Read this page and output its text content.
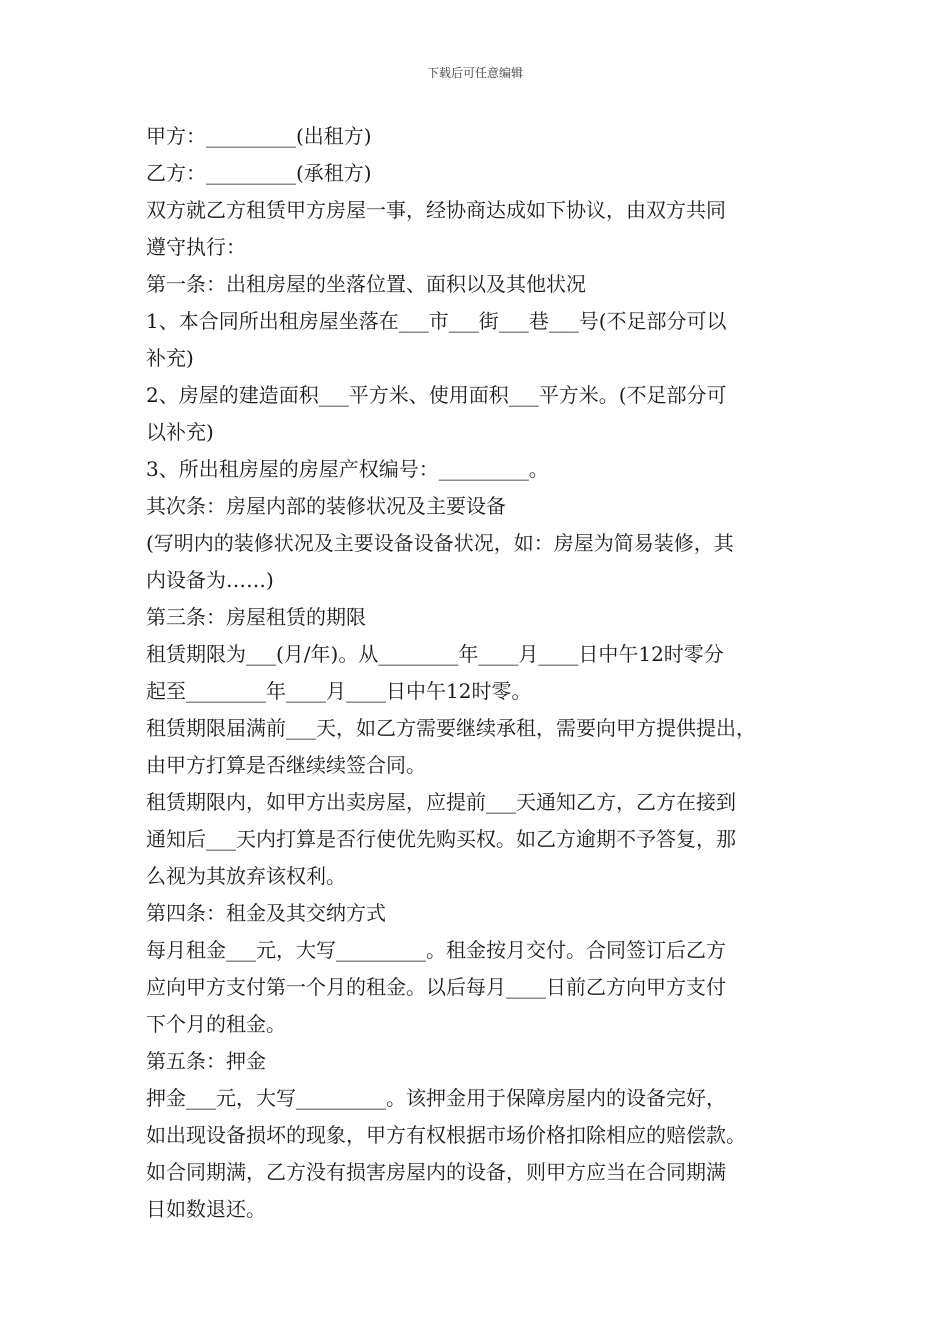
下载后可任意编辑
甲方：_________(出租方)
乙方：_________(承租方)
双方就乙方租赁甲方房屋一事，经协商达成如下协议，由双方共同
遵守执行：
第一条：出租房屋的坐落位置、面积以及其他状况
1、本合同所出租房屋坐落在___市___街___巷___号(不足部分可以
补充)
2、房屋的建造面积___平方米、使用面积___平方米。(不足部分可
以补充)
3、所出租房屋的房屋产权编号：_________。
其次条：房屋内部的装修状况及主要设备
(写明内的装修状况及主要设备设备状况，如：房屋为简易装修，其
内设备为……)
第三条：房屋租赁的期限
租赁期限为___(月/年)。从________年____月____日中午12时零分
起至________年____月____日中午12时零。
租赁期限届满前___天，如乙方需要继续承租，需要向甲方提供提出，
由甲方打算是否继续续签合同。
租赁期限内，如甲方出卖房屋，应提前___天通知乙方，乙方在接到
通知后___天内打算是否行使优先购买权。如乙方逾期不予答复，那
么视为其放弃该权利。
第四条：租金及其交纳方式
每月租金___元，大写_________。租金按月交付。合同签订后乙方
应向甲方支付第一个月的租金。以后每月____日前乙方向甲方支付
下个月的租金。
第五条：押金
押金___元，大写_________。该押金用于保障房屋内的设备完好，
如出现设备损坏的现象，甲方有权根据市场价格扣除相应的赔偿款。
如合同期满，乙方没有损害房屋内的设备，则甲方应当在合同期满
日如数退还。
